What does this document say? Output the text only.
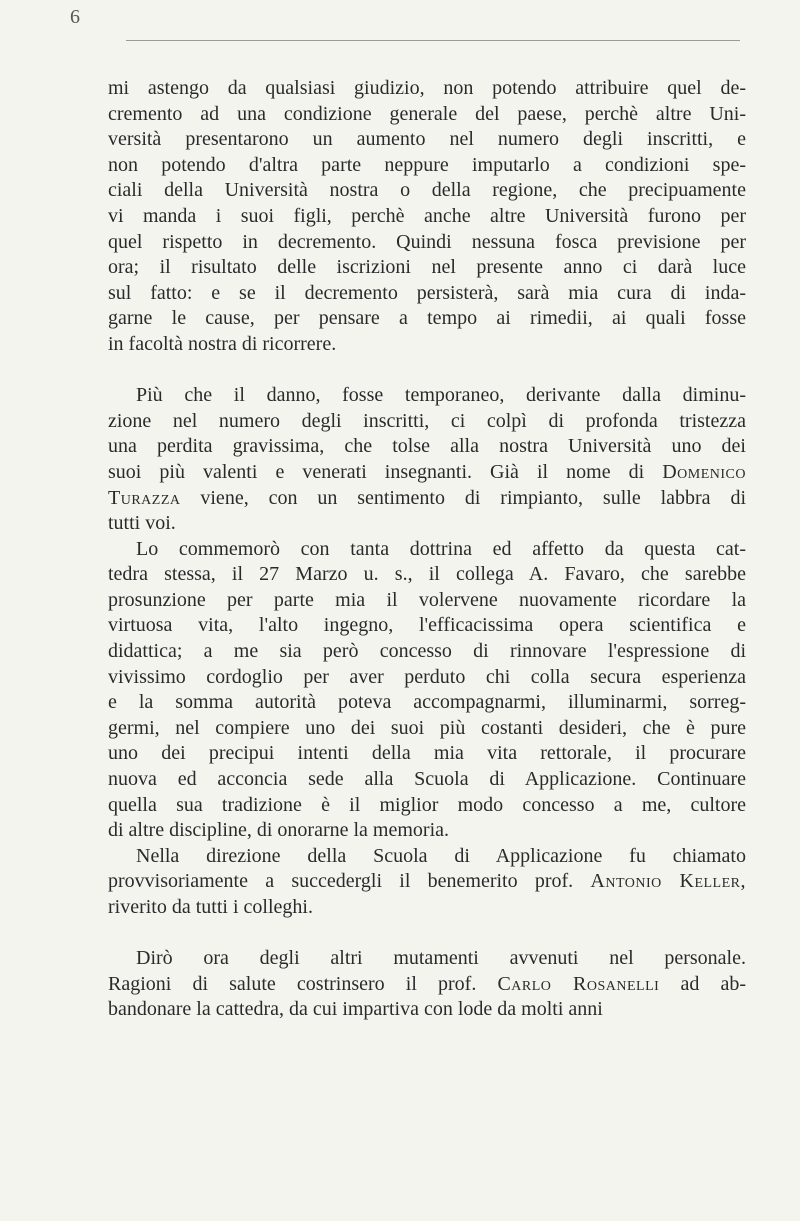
6
mi astengo da qualsiasi giudizio, non potendo attribuire quel de-
cremento ad una condizione generale del paese, perchè altre Uni-
versità presentarono un aumento nel numero degli inscritti, e
non potendo d'altra parte neppure imputarlo a condizioni spe-
ciali della Università nostra o della regione, che precipuamente
vi manda i suoi figli, perchè anche altre Università furono per
quel rispetto in decremento. Quindi nessuna fosca previsione per
ora; il risultato delle iscrizioni nel presente anno ci darà luce
sul fatto: e se il decremento persisterà, sarà mia cura di inda-
garne le cause, per pensare a tempo ai rimedii, ai quali fosse
in facoltà nostra di ricorrere.
Più che il danno, fosse temporaneo, derivante dalla diminu-
zione nel numero degli inscritti, ci colpì di profonda tristezza
una perdita gravissima, che tolse alla nostra Università uno dei
suoi più valenti e venerati insegnanti. Già il nome di Domenico
Turazza viene, con un sentimento di rimpianto, sulle labbra di
tutti voi.
Lo commemorò con tanta dottrina ed affetto da questa cat-
tedra stessa, il 27 Marzo u. s., il collega A. Favaro, che sarebbe
prosunzione per parte mia il volervene nuovamente ricordare la
virtuosa vita, l'alto ingegno, l'efficacissima opera scientifica e
didattica; a me sia però concesso di rinnovare l'espressione di
vivissimo cordoglio per aver perduto chi colla secura esperienza
e la somma autorità poteva accompagnarmi, illuminarmi, sorreg-
germi, nel compiere uno dei suoi più costanti desideri, che è pure
uno dei precipui intenti della mia vita rettorale, il procurare
nuova ed acconcia sede alla Scuola di Applicazione. Continuare
quella sua tradizione è il miglior modo concesso a me, cultore
di altre discipline, di onorarne la memoria.
Nella direzione della Scuola di Applicazione fu chiamato
provvisoriamente a succedergli il benemerito prof. Antonio Keller,
riverito da tutti i colleghi.
Dirò ora degli altri mutamenti avvenuti nel personale.
Ragioni di salute costrinsero il prof. Carlo Rosanelli ad ab-
bandonare la cattedra, da cui impartiva con lode da molti anni
